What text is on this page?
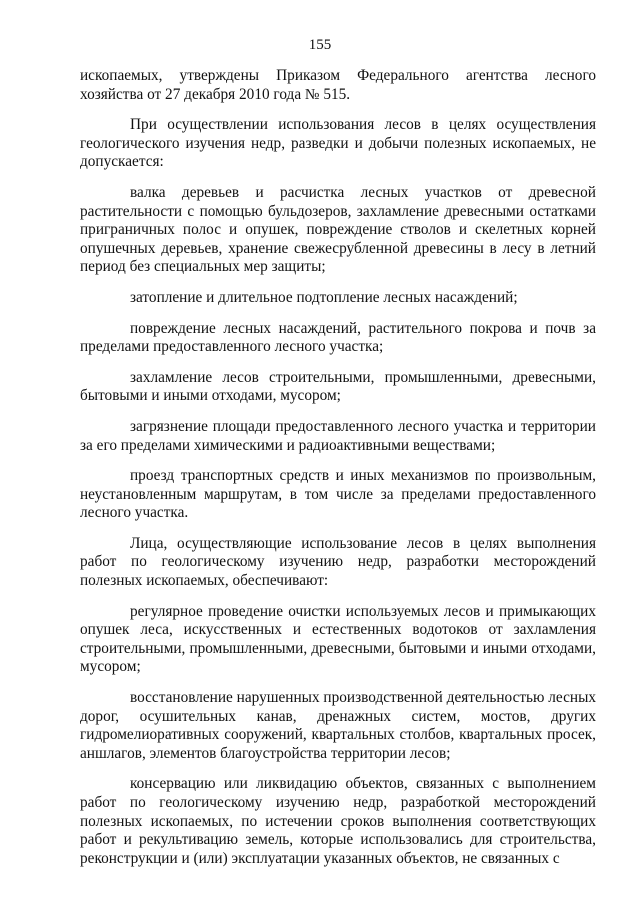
155

ископаемых, утверждены Приказом Федерального агентства лесного хозяйства от 27 декабря 2010 года № 515.

При осуществлении использования лесов в целях осуществления геологического изучения недр, разведки и добычи полезных ископаемых, не допускается:

валка деревьев и расчистка лесных участков от древесной растительности с помощью бульдозеров, захламление древесными остатками приграничных полос и опушек, повреждение стволов и скелетных корней опушечных деревьев, хранение свежесрубленной древесины в лесу в летний период без специальных мер защиты;

затопление и длительное подтопление лесных насаждений;

повреждение лесных насаждений, растительного покрова и почв за пределами предоставленного лесного участка;

захламление лесов строительными, промышленными, древесными, бытовыми и иными отходами, мусором;

загрязнение площади предоставленного лесного участка и территории за его пределами химическими и радиоактивными веществами;

проезд транспортных средств и иных механизмов по произвольным, неустановленным маршрутам, в том числе за пределами предоставленного лесного участка.

Лица, осуществляющие использование лесов в целях выполнения работ по геологическому изучению недр, разработки месторождений полезных ископаемых, обеспечивают:

регулярное проведение очистки используемых лесов и примыкающих опушек леса, искусственных и естественных водотоков от захламления строительными, промышленными, древесными, бытовыми и иными отходами, мусором;

восстановление нарушенных производственной деятельностью лесных дорог, осушительных канав, дренажных систем, мостов, других гидромелиоративных сооружений, квартальных столбов, квартальных просек, аншлагов, элементов благоустройства территории лесов;

консервацию или ликвидацию объектов, связанных с выполнением работ по геологическому изучению недр, разработкой месторождений полезных ископаемых, по истечении сроков выполнения соответствующих работ и рекультивацию земель, которые использовались для строительства, реконструкции и (или) эксплуатации указанных объектов, не связанных с
